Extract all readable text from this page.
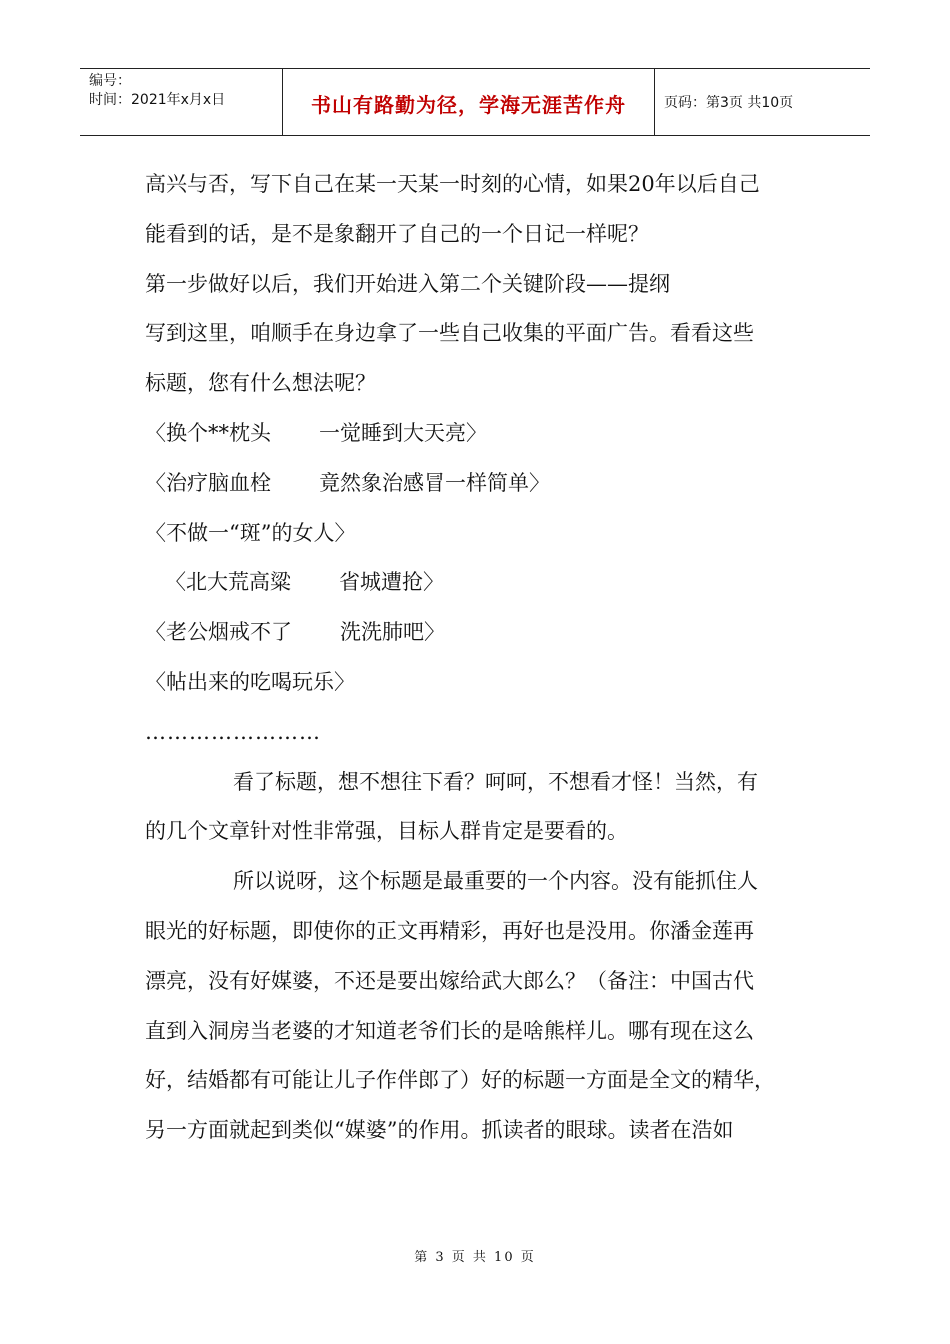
编号：
时间：2021年x月x日	书山有路勤为径，学海无涯苦作舟	页码：第3页 共10页
高兴与否，写下自己在某一天某一时刻的心情，如果20年以后自己
能看到的话，是不是象翻开了自己的一个日记一样呢？
第一步做好以后，我们开始进入第二个关键阶段——提纲
写到这里，咱顺手在身边拿了一些自己收集的平面广告。看看这些
标题，您有什么想法呢？
〈换个**枕头 一觉睡到大天亮〉
〈治疗脑血栓 竟然象治感冒一样简单〉
〈不做一“斑”的女人〉
〈北大荒高粱 省城遭抢〉
〈老公烟戒不了 洗洗肺吧〉
〈帖出来的吃喝玩乐〉
……………………
看了标题，想不想往下看？呵呵，不想看才怪！当然，有
的几个文章针对性非常强，目标人群肯定是要看的。
所以说呀，这个标题是最重要的一个内容。没有能抓住人
眼光的好标题，即使你的正文再精彩，再好也是没用。你潘金莲再
漂亮，没有好媒婆，不还是要出嫁给武大郎么？（备注：中国古代
直到入洞房当老婆的才知道老爷们长的是啥熊样儿。哪有现在这么
好，结婚都有可能让儿子作伴郎了）好的标题一方面是全文的精华，
另一方面就起到类似“媒婆”的作用。抓读者的眼球。读者在浩如
第 3 页 共 10 页
